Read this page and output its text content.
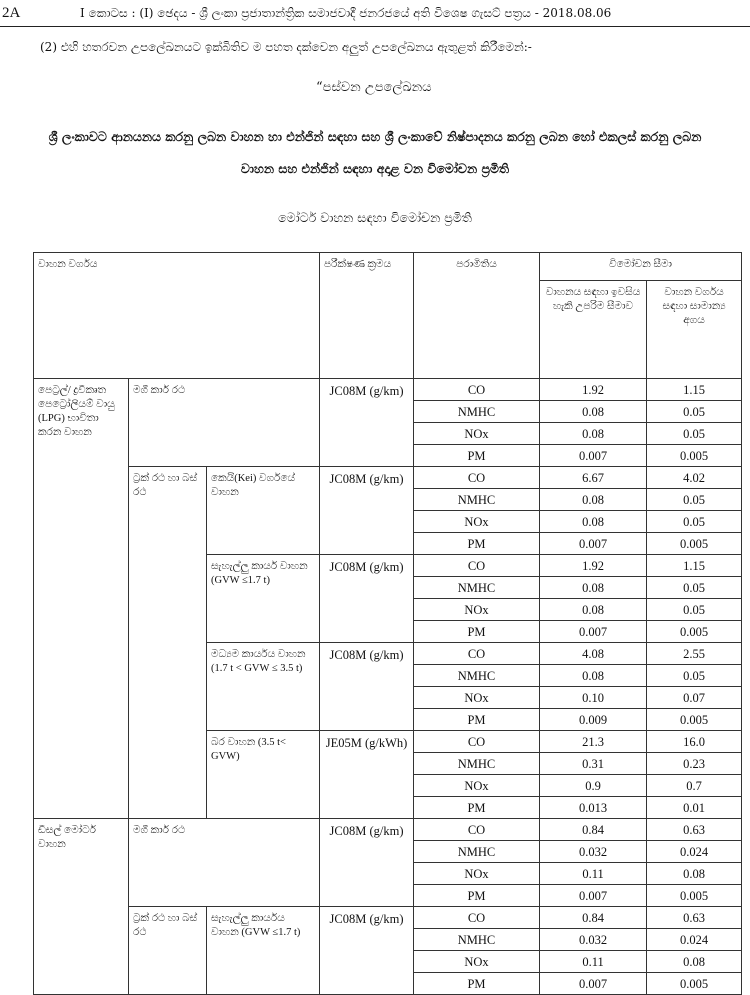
2A	I කොටස : (I) ඡෙදය - ශ්‍රී ලංකා ප්‍රජාතාන්ත්‍රික සමාජවාදී ජනරජයේ අති විශෙෂ ගැසට් පත්‍රය - 2018.08.06
(2) එහි හතරවන උපලේඛනයට ඉක්බිතිව ම පහත දක්වෙන අලුත් උපලේඛනය ඇතුළත් කිරීමෙන්:-
“පස්වන උපලේඛනය
ශ්‍රී ලංකාවට ආනයනය කරනු ලබන වාහන හා එන්ජින් සඳහා සහ ශ්‍රී ලංකාවේ නිෂ්පාදනය කරනු ලබන හෝ එකලස් කරනු ලබන
වාහන සහ එන්ජින් සඳහා අදාළ වන විමෝචන ප්‍රමිති
මෝටර් වාහන සඳහා විමෝචන ප්‍රමිති
වාහන වර්ගය			පරීක්ෂණ ක්‍රමය	පරාමිතිය	විමෝචන සීමා	
					වාහනය සඳහා ඉවසිය හැකි උපරිම සීමාව	වාහන වර්ගය සඳහා සාමාන්‍ය අගය
පෙට්‍රල්/ ද්‍රවීකෘත පෙට්‍රෝලියම් වායු (LPG) භාවිතා කරන වාහන	මගී කාර් රථ		JC08M (g/km)	CO	1.92	1.15
				NMHC	0.08	0.05
				NOx	0.08	0.05
				PM	0.007	0.005
	ට්‍රක් රථ හා බස් රථ	කෙයි(Kei) වර්ගයේ වාහන	JC08M (g/km)	CO	6.67	4.02
				NMHC	0.08	0.05
				NOx	0.08	0.05
				PM	0.007	0.005
		සැහැල්ලු කාර්ය වාහන (GVW ≤1.7 t)	JC08M (g/km)	CO	1.92	1.15
				NMHC	0.08	0.05
				NOx	0.08	0.05
				PM	0.007	0.005
		මධ්‍යම කාර්යය වාහන (1.7 t < GVW ≤ 3.5 t)	JC08M (g/km)	CO	4.08	2.55
				NMHC	0.08	0.05
				NOx	0.10	0.07
				PM	0.009	0.005
		බර වාහන (3.5 t< GVW)	JE05M (g/kWh)	CO	21.3	16.0
				NMHC	0.31	0.23
				NOx	0.9	0.7
				PM	0.013	0.01
ඩීසල් මෝටර් වාහන	මගී කාර් රථ		JC08M (g/km)	CO	0.84	0.63
				NMHC	0.032	0.024
				NOx	0.11	0.08
				PM	0.007	0.005
	ට්‍රක් රථ හා බස් රථ	සැහැල්ලු කාර්යය වාහන (GVW ≤1.7 t)	JC08M (g/km)	CO	0.84	0.63
				NMHC	0.032	0.024
				NOx	0.11	0.08
				PM	0.007	0.005
